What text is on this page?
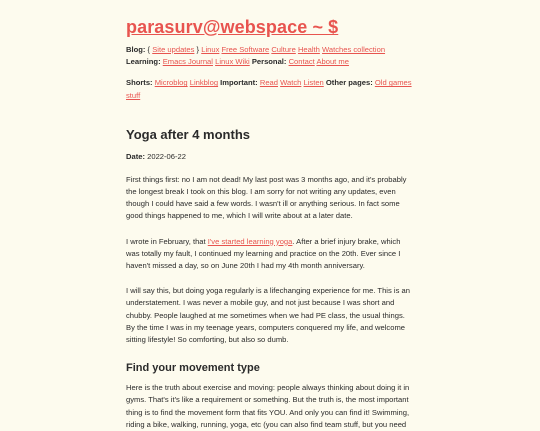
parasurv@webspace ~ $
Blog: { Site updates } Linux Free Software Culture Health Watches collection
Learning: Emacs Journal Linux Wiki Personal: Contact About me
Shorts: Microblog Linkblog Important: Read Watch Listen Other pages: Old games stuff
Yoga after 4 months
Date: 2022-06-22

First things first: no I am not dead! My last post was 3 months ago, and it's probably the longest break I took on this blog. I am sorry for not writing any updates, even though I could have said a few words. I wasn't ill or anything serious. In fact some good things happened to me, which I will write about at a later date.

I wrote in February, that I've started learning yoga. After a brief injury brake, which was totally my fault, I continued my learning and practice on the 20th. Ever since I haven't missed a day, so on June 20th I had my 4th month anniversary.

I will say this, but doing yoga regularly is a lifechanging experience for me. This is an understatement. I was never a mobile guy, and not just because I was short and chubby. People laughed at me sometimes when we had PE class, the usual things. By the time I was in my teenage years, computers conquered my life, and welcome sitting lifestyle! So comforting, but also so dumb.

Find your movement type

Here is the truth about exercise and moving: people always thinking about doing it in gyms. That's it's like a requirement or something. But the truth is, the most important thing is to find the movement form that fits YOU. And only you can find it! Swimming, riding a bike, walking, running, yoga, etc (you can also find team stuff, but you need
